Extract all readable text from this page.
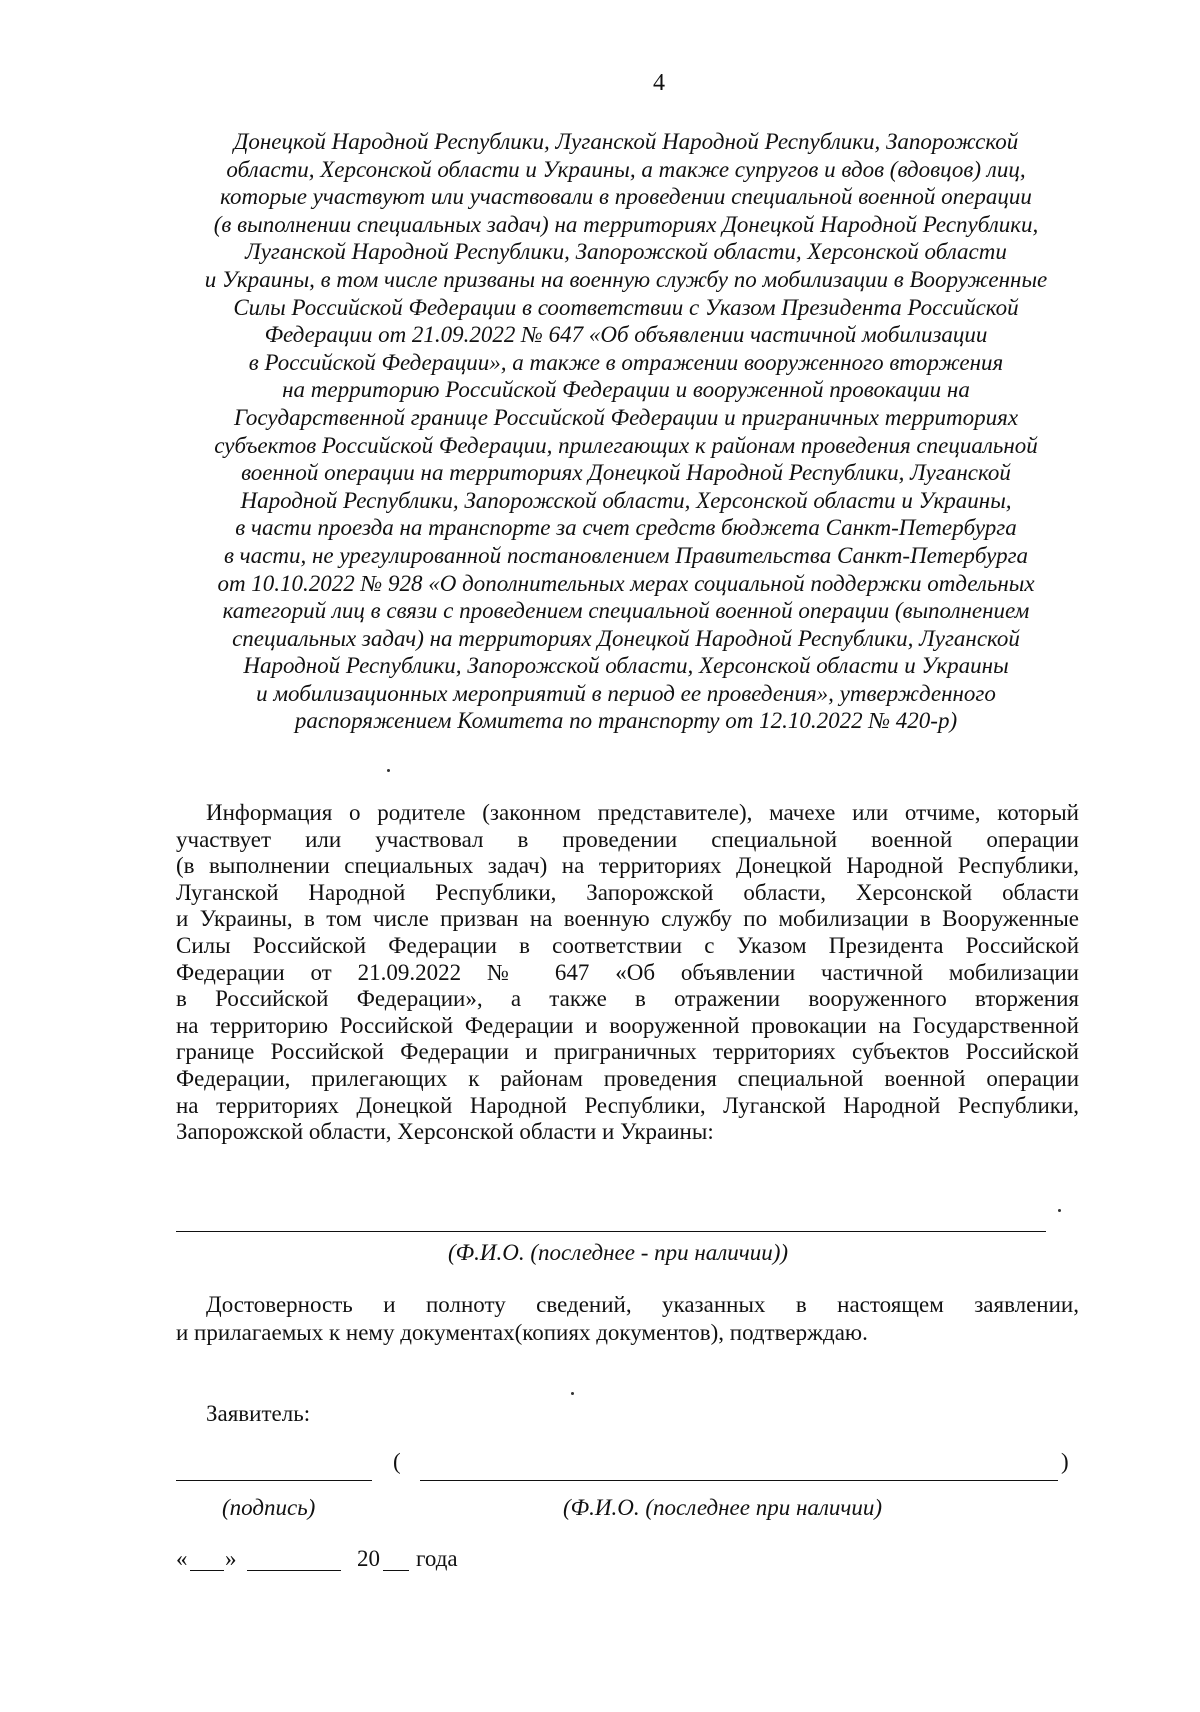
4
Донецкой Народной Республики, Луганской Народной Республики, Запорожской
области, Херсонской области и Украины, а также супругов и вдов (вдовцов) лиц,
которые участвуют или участвовали в проведении специальной военной операции
(в выполнении специальных задач) на территориях Донецкой Народной Республики,
Луганской Народной Республики, Запорожской области, Херсонской области
и Украины, в том числе призваны на военную службу по мобилизации в Вооруженные
Силы Российской Федерации в соответствии с Указом Президента Российской
Федерации от 21.09.2022 № 647 «Об объявлении частичной мобилизации
в Российской Федерации», а также в отражении вооруженного вторжения
на территорию Российской Федерации и вооруженной провокации на
Государственной границе Российской Федерации и приграничных территориях
субъектов Российской Федерации, прилегающих к районам проведения специальной
военной операции на территориях Донецкой Народной Республики, Луганской
Народной Республики, Запорожской области, Херсонской области и Украины,
в части проезда на транспорте за счет средств бюджета Санкт-Петербурга
в части, не урегулированной постановлением Правительства Санкт-Петербурга
от 10.10.2022 № 928 «О дополнительных мерах социальной поддержки отдельных
категорий лиц в связи с проведением специальной военной операции (выполнением
специальных задач) на территориях Донецкой Народной Республики, Луганской
Народной Республики, Запорожской области, Херсонской области и Украины
и мобилизационных мероприятий в период ее проведения», утвержденного
распоряжением Комитета по транспорту от 12.10.2022 № 420-р)
Информация о родителе (законном представителе), мачехе или отчиме, который
участвует или участвовал в проведении специальной военной операции
(в выполнении специальных задач) на территориях Донецкой Народной Республики,
Луганской Народной Республики, Запорожской области, Херсонской области
и Украины, в том числе призван на военную службу по мобилизации в Вооруженные
Силы Российской Федерации в соответствии с Указом Президента Российской
Федерации от 21.09.2022 № 647 «Об объявлении частичной мобилизации
в Российской Федерации», а также в отражении вооруженного вторжения
на территорию Российской Федерации и вооруженной провокации на Государственной
границе Российской Федерации и приграничных территориях субъектов Российской
Федерации, прилегающих к районам проведения специальной военной операции
на территориях Донецкой Народной Республики, Луганской Народной Республики,
Запорожской области, Херсонской области и Украины:
(Ф.И.О. (последнее - при наличии))
Достоверность и полноту сведений, указанных в настоящем заявлении,
и прилагаемых к нему документах(копиях документов), подтверждаю.
Заявитель:
(	)
(подпись)	(Ф.И.О. (последнее при наличии)
« »	20 года
